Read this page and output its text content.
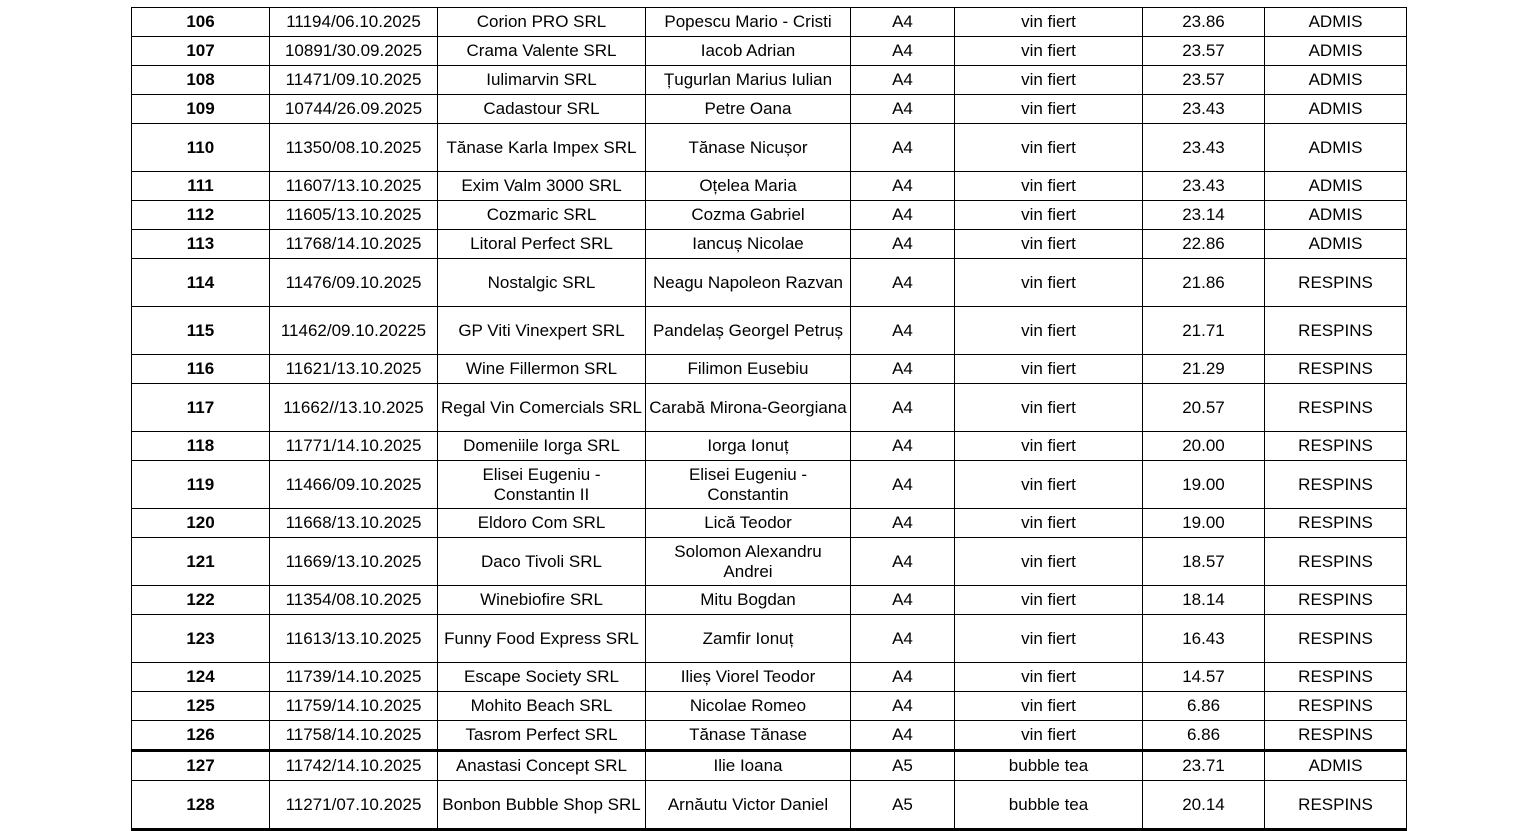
106	11194/06.10.2025	Corion PRO SRL	Popescu Mario - Cristi	A4	vin fiert	23.86	ADMIS
107	10891/30.09.2025	Crama Valente SRL	Iacob Adrian	A4	vin fiert	23.57	ADMIS
108	11471/09.10.2025	Iulimarvin SRL	Țugurlan Marius Iulian	A4	vin fiert	23.57	ADMIS
109	10744/26.09.2025	Cadastour SRL	Petre Oana	A4	vin fiert	23.43	ADMIS
110	11350/08.10.2025	Tănase Karla Impex SRL	Tănase Nicușor	A4	vin fiert	23.43	ADMIS
111	11607/13.10.2025	Exim Valm 3000 SRL	Oțelea Maria	A4	vin fiert	23.43	ADMIS
112	11605/13.10.2025	Cozmaric SRL	Cozma Gabriel	A4	vin fiert	23.14	ADMIS
113	11768/14.10.2025	Litoral Perfect SRL	Iancuș Nicolae	A4	vin fiert	22.86	ADMIS
114	11476/09.10.2025	Nostalgic SRL	Neagu Napoleon Razvan	A4	vin fiert	21.86	RESPINS
115	11462/09.10.20225	GP Viti Vinexpert SRL	Pandelaș Georgel Petruș	A4	vin fiert	21.71	RESPINS
116	11621/13.10.2025	Wine Fillermon SRL	Filimon Eusebiu	A4	vin fiert	21.29	RESPINS
117	11662//13.10.2025	Regal Vin Comercials SRL	Carabă Mirona-Georgiana	A4	vin fiert	20.57	RESPINS
118	11771/14.10.2025	Domeniile Iorga SRL	Iorga Ionuț	A4	vin fiert	20.00	RESPINS
119	11466/09.10.2025	Elisei Eugeniu - Constantin II	Elisei Eugeniu - Constantin	A4	vin fiert	19.00	RESPINS
120	11668/13.10.2025	Eldoro Com SRL	Lică Teodor	A4	vin fiert	19.00	RESPINS
121	11669/13.10.2025	Daco Tivoli SRL	Solomon Alexandru Andrei	A4	vin fiert	18.57	RESPINS
122	11354/08.10.2025	Winebiofire SRL	Mitu Bogdan	A4	vin fiert	18.14	RESPINS
123	11613/13.10.2025	Funny Food Express SRL	Zamfir Ionuț	A4	vin fiert	16.43	RESPINS
124	11739/14.10.2025	Escape Society SRL	Ilieș Viorel Teodor	A4	vin fiert	14.57	RESPINS
125	11759/14.10.2025	Mohito Beach SRL	Nicolae Romeo	A4	vin fiert	6.86	RESPINS
126	11758/14.10.2025	Tasrom Perfect SRL	Tănase Tănase	A4	vin fiert	6.86	RESPINS
127	11742/14.10.2025	Anastasi Concept SRL	Ilie Ioana	A5	bubble tea	23.71	ADMIS
128	11271/07.10.2025	Bonbon Bubble Shop SRL	Arnăutu Victor Daniel	A5	bubble tea	20.14	RESPINS
